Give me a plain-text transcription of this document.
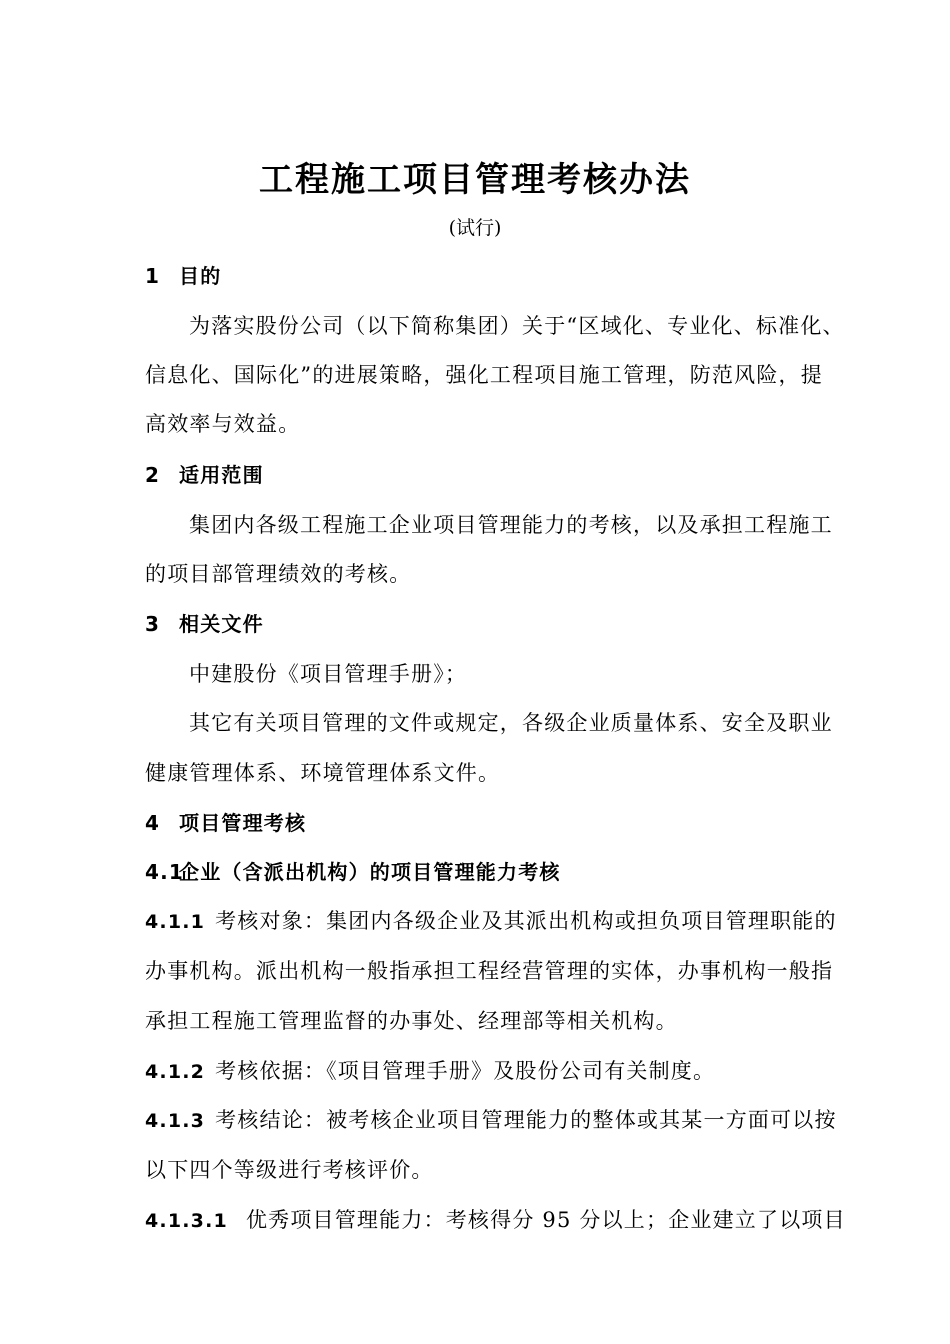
工程施工项目管理考核办法
(试行)
1 目的
为落实股份公司（以下简称集团）关于“区域化、专业化、标准化、
信息化、国际化”的进展策略，强化工程项目施工管理，防范风险，提
高效率与效益。
2 适用范围
集团内各级工程施工企业项目管理能力的考核，以及承担工程施工
的项目部管理绩效的考核。
3 相关文件
中建股份《项目管理手册》；
其它有关项目管理的文件或规定，各级企业质量体系、安全及职业
健康管理体系、环境管理体系文件。
4 项目管理考核
4.1企业（含派出机构）的项目管理能力考核
4.1.1 考核对象：集团内各级企业及其派出机构或担负项目管理职能的
办事机构。派出机构一般指承担工程经营管理的实体，办事机构一般指
承担工程施工管理监督的办事处、经理部等相关机构。
4.1.2 考核依据：《项目管理手册》及股份公司有关制度。
4.1.3 考核结论：被考核企业项目管理能力的整体或其某一方面可以按
以下四个等级进行考核评价。
4.1.3.1 优秀项目管理能力：考核得分 95 分以上；企业建立了以项目
